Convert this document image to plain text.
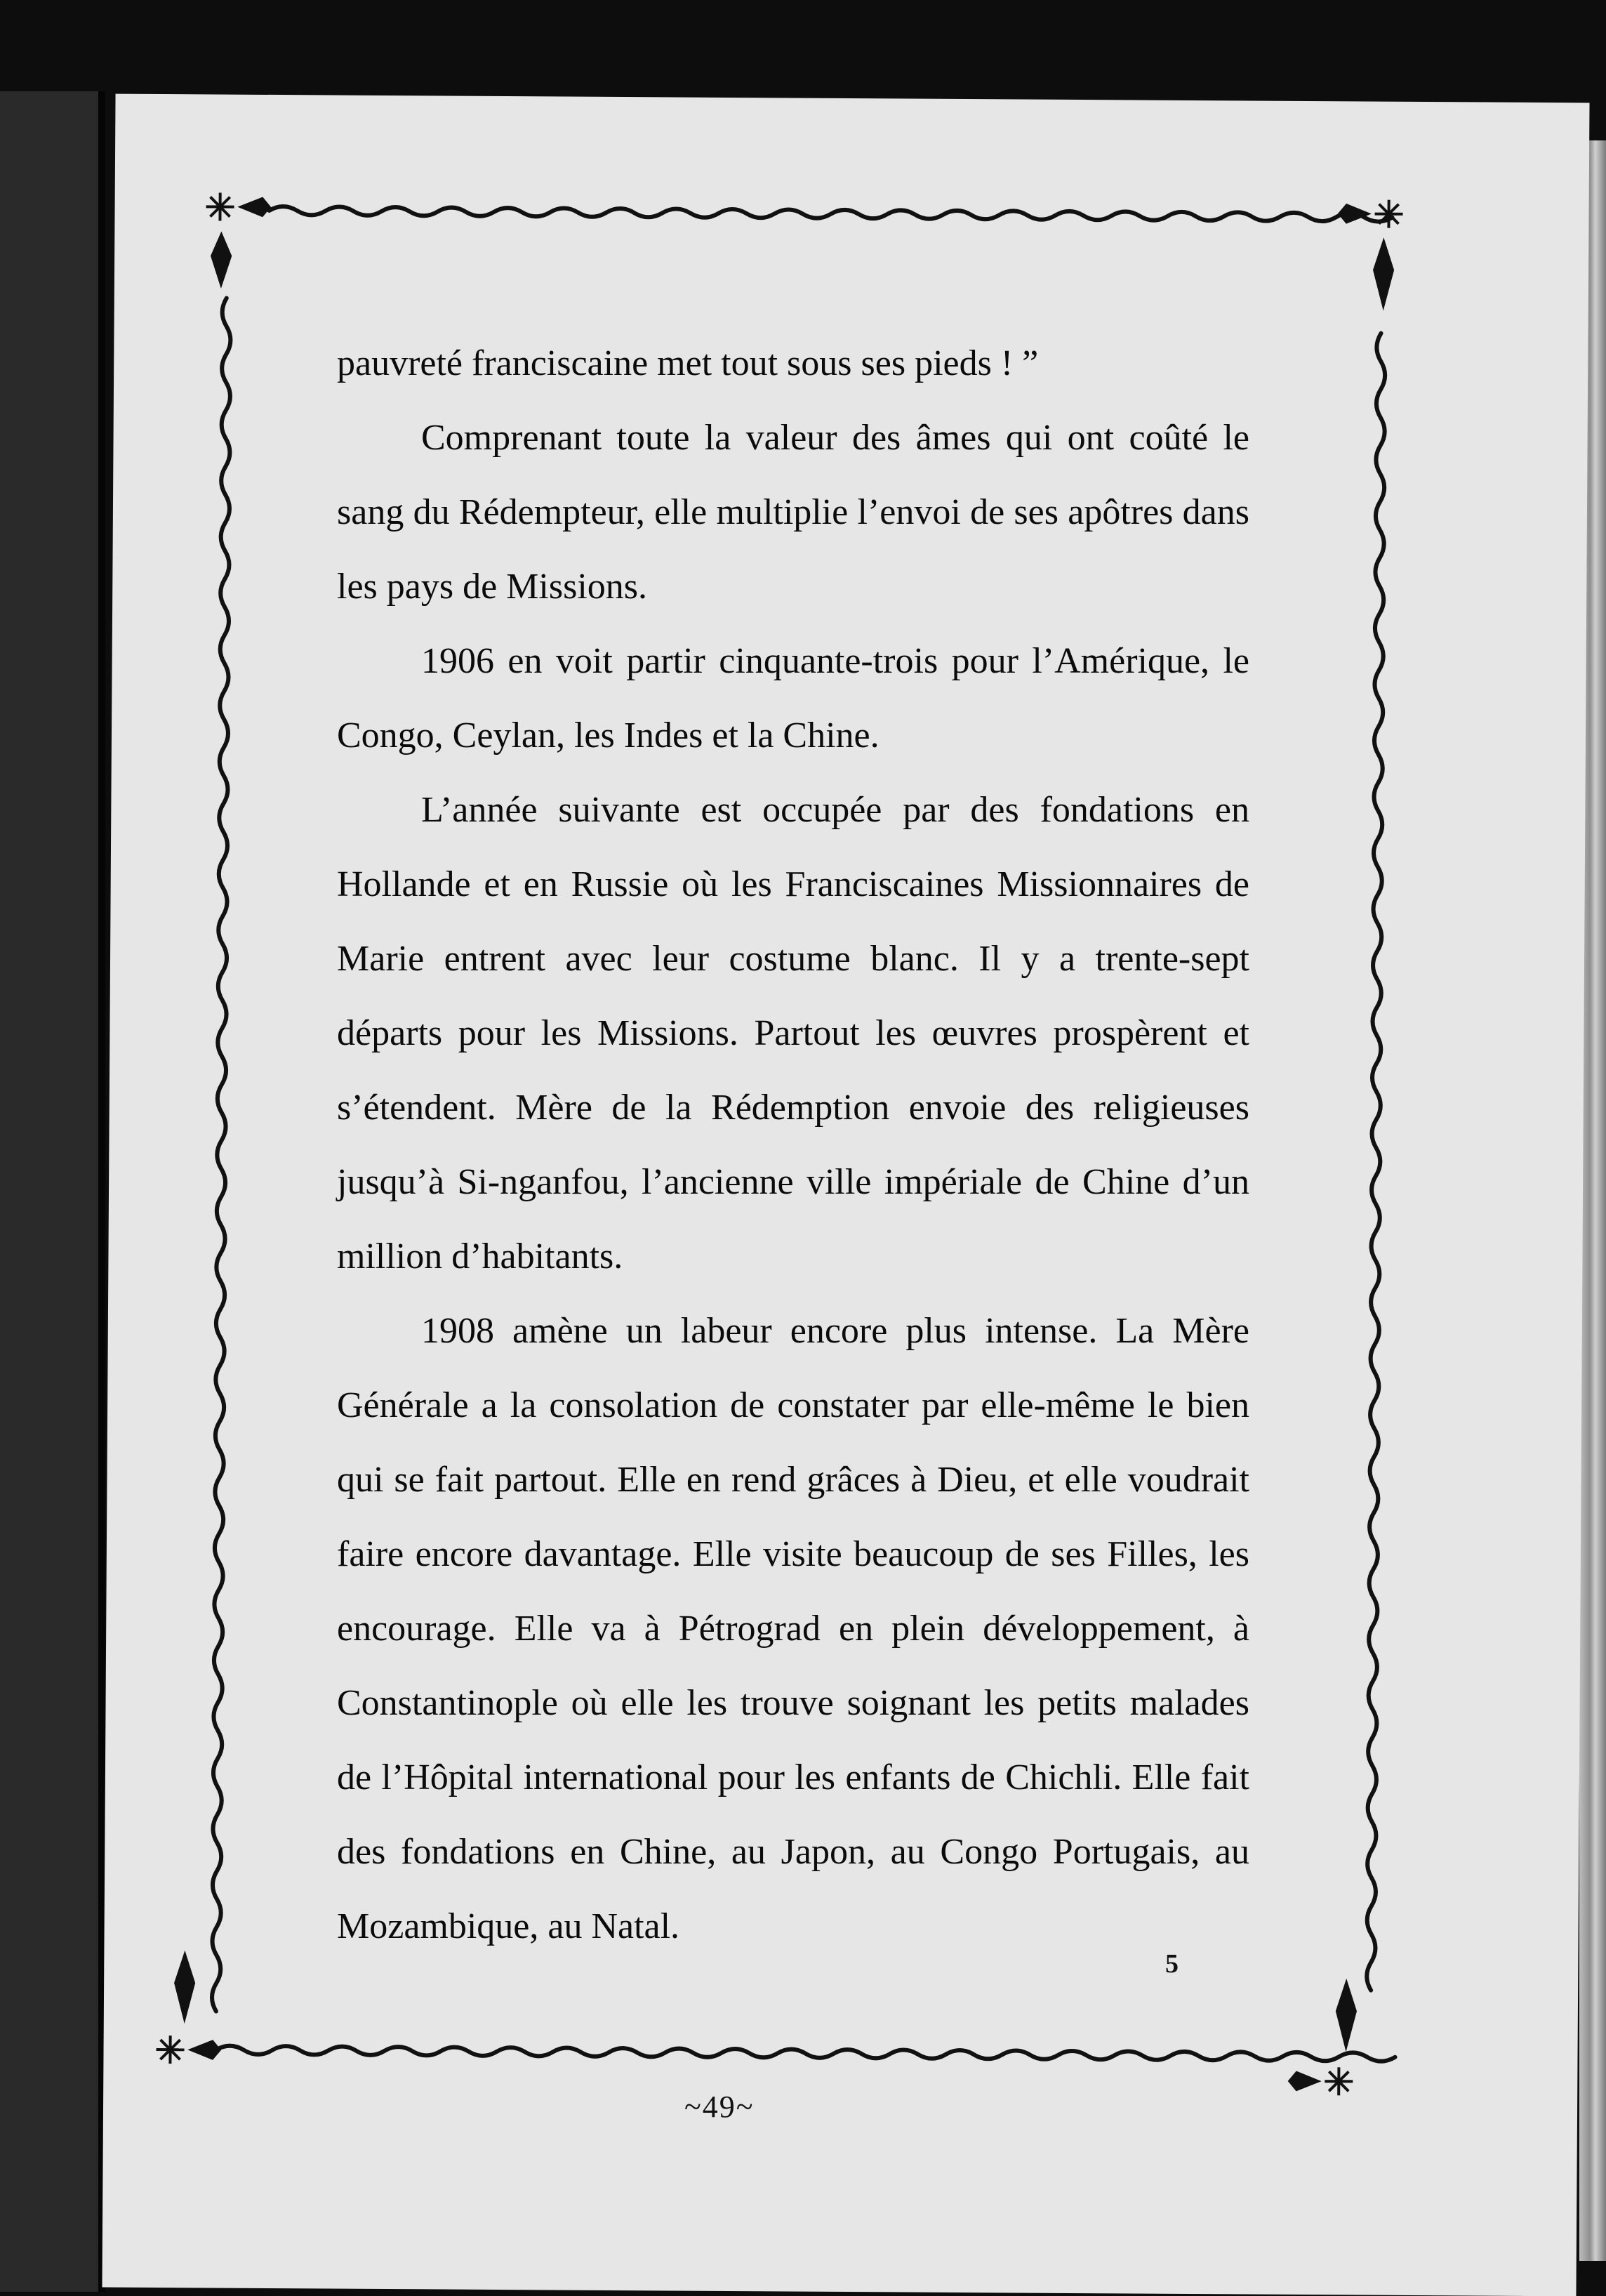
pauvreté franciscaine met tout sous ses pieds ! ”

Comprenant toute la valeur des âmes qui ont coûté le sang du Rédempteur, elle multiplie l’envoi de ses apôtres dans les pays de Missions.

1906 en voit partir cinquante-trois pour l’Amérique, le Congo, Ceylan, les Indes et la Chine.

L’année suivante est occupée par des fondations en Hollande et en Russie où les Franciscaines Missionnaires de Marie entrent avec leur costume blanc. Il y a trente-sept départs pour les Missions. Partout les œuvres prospèrent et s’étendent. Mère de la Rédemption envoie des religieuses jusqu’à Si-nganfou, l’ancienne ville impériale de Chine d’un million d’habitants.

1908 amène un labeur encore plus intense. La Mère Générale a la consolation de constater par elle-même le bien qui se fait partout. Elle en rend grâces à Dieu, et elle voudrait faire encore davantage. Elle visite beaucoup de ses Filles, les encourage. Elle va à Pétrograd en plein développement, à Constantinople où elle les trouve soignant les petits malades de l’Hôpital international pour les enfants de Chichli. Elle fait des fondations en Chine, au Japon, au Congo Portugais, au Mozambique, au Natal.

5
~49~
